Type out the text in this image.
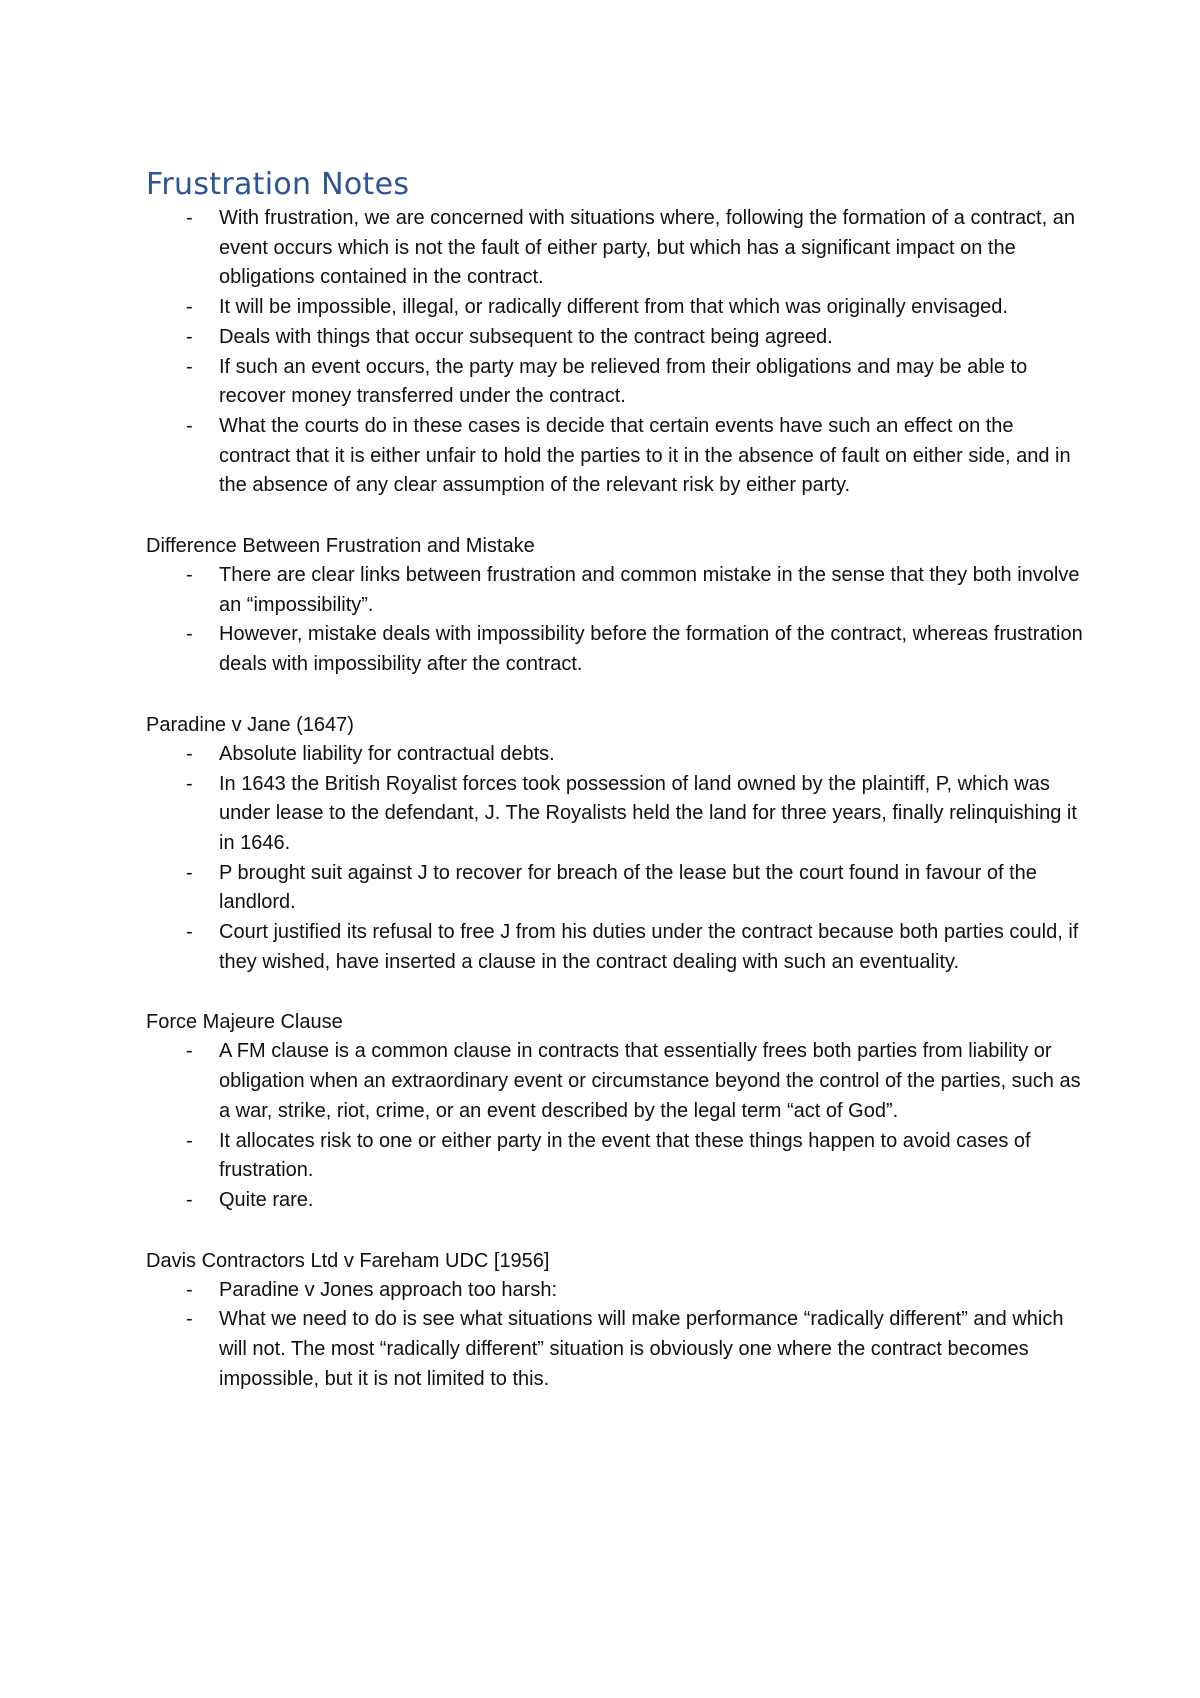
Frustration Notes
- With frustration, we are concerned with situations where, following the formation of a contract, an event occurs which is not the fault of either party, but which has a significant impact on the obligations contained in the contract.
- It will be impossible, illegal, or radically different from that which was originally envisaged.
- Deals with things that occur subsequent to the contract being agreed.
- If such an event occurs, the party may be relieved from their obligations and may be able to recover money transferred under the contract.
- What the courts do in these cases is decide that certain events have such an effect on the contract that it is either unfair to hold the parties to it in the absence of fault on either side, and in the absence of any clear assumption of the relevant risk by either party.
Difference Between Frustration and Mistake
- There are clear links between frustration and common mistake in the sense that they both involve an “impossibility”.
- However, mistake deals with impossibility before the formation of the contract, whereas frustration deals with impossibility after the contract.
Paradine v Jane (1647)
- Absolute liability for contractual debts.
- In 1643 the British Royalist forces took possession of land owned by the plaintiff, P, which was under lease to the defendant, J. The Royalists held the land for three years, finally relinquishing it in 1646.
- P brought suit against J to recover for breach of the lease but the court found in favour of the landlord.
- Court justified its refusal to free J from his duties under the contract because both parties could, if they wished, have inserted a clause in the contract dealing with such an eventuality.
Force Majeure Clause
- A FM clause is a common clause in contracts that essentially frees both parties from liability or obligation when an extraordinary event or circumstance beyond the control of the parties, such as a war, strike, riot, crime, or an event described by the legal term “act of God”.
- It allocates risk to one or either party in the event that these things happen to avoid cases of frustration.
- Quite rare.
Davis Contractors Ltd v Fareham UDC [1956]
- Paradine v Jones approach too harsh:
- What we need to do is see what situations will make performance “radically different” and which will not. The most “radically different” situation is obviously one where the contract becomes impossible, but it is not limited to this.
